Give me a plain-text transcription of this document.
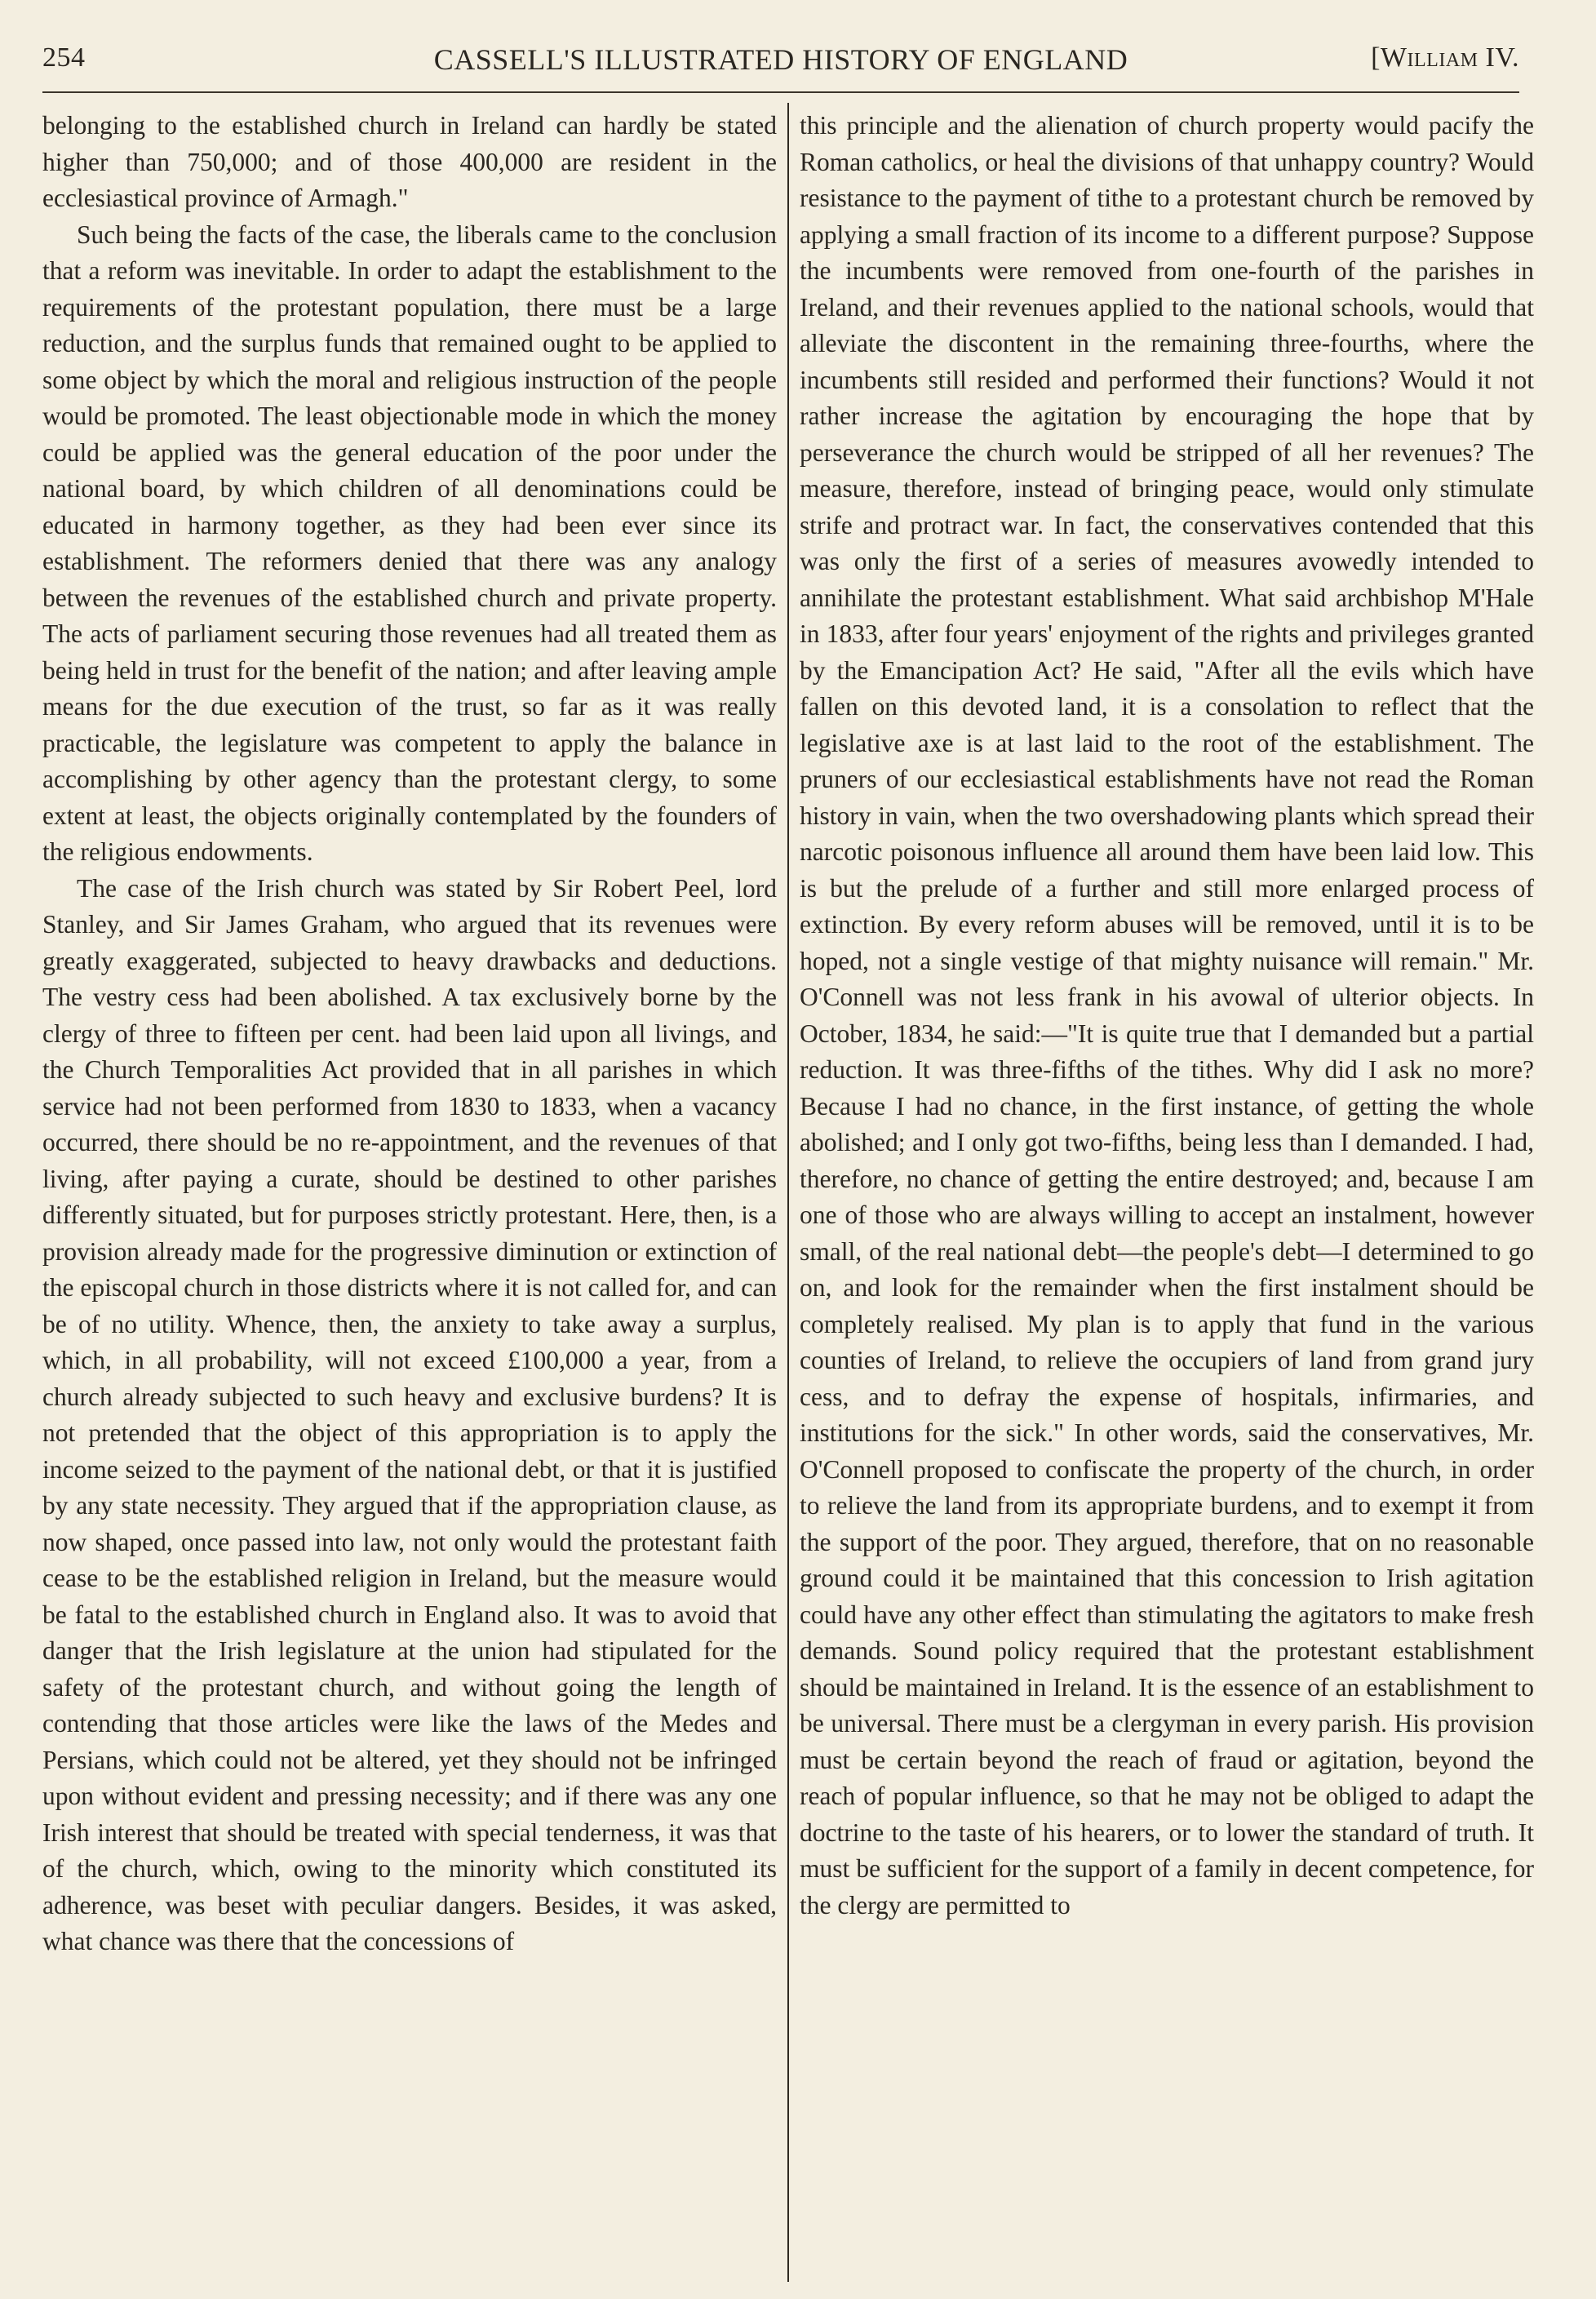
254	CASSELL'S ILLUSTRATED HISTORY OF ENGLAND	[William IV.

belonging to the established church in Ireland can hardly be stated higher than 750,000; and of those 400,000 are resident in the ecclesiastical province of Armagh."

Such being the facts of the case, the liberals came to the conclusion that a reform was inevitable. In order to adapt the establishment to the requirements of the protestant population, there must be a large reduction, and the surplus funds that remained ought to be applied to some object by which the moral and religious instruction of the people would be promoted. The least objectionable mode in which the money could be applied was the general education of the poor under the national board, by which children of all denominations could be educated in harmony together, as they had been ever since its establishment. The reformers denied that there was any analogy between the revenues of the established church and private property. The acts of parliament securing those revenues had all treated them as being held in trust for the benefit of the nation; and after leaving ample means for the due execution of the trust, so far as it was really practicable, the legislature was competent to apply the balance in accomplishing by other agency than the protestant clergy, to some extent at least, the objects originally contemplated by the founders of the religious endowments.

The case of the Irish church was stated by Sir Robert Peel, lord Stanley, and Sir James Graham, who argued that its revenues were greatly exaggerated, subjected to heavy drawbacks and deductions. The vestry cess had been abolished. A tax exclusively borne by the clergy of three to fifteen per cent. had been laid upon all livings, and the Church Temporalities Act provided that in all parishes in which service had not been performed from 1830 to 1833, when a vacancy occurred, there should be no re-appointment, and the revenues of that living, after paying a curate, should be destined to other parishes differently situated, but for purposes strictly protestant. Here, then, is a provision already made for the progressive diminution or extinction of the episcopal church in those districts where it is not called for, and can be of no utility. Whence, then, the anxiety to take away a surplus, which, in all probability, will not exceed £100,000 a year, from a church already subjected to such heavy and exclusive burdens? It is not pretended that the object of this appropriation is to apply the income seized to the payment of the national debt, or that it is justified by any state necessity. They argued that if the appropriation clause, as now shaped, once passed into law, not only would the protestant faith cease to be the established religion in Ireland, but the measure would be fatal to the established church in England also. It was to avoid that danger that the Irish legislature at the union had stipulated for the safety of the protestant church, and without going the length of contending that those articles were like the laws of the Medes and Persians, which could not be altered, yet they should not be infringed upon without evident and pressing necessity; and if there was any one Irish interest that should be treated with special tenderness, it was that of the church, which, owing to the minority which constituted its adherence, was beset with peculiar dangers. Besides, it was asked, what chance was there that the concessions of

this principle and the alienation of church property would pacify the Roman catholics, or heal the divisions of that unhappy country? Would resistance to the payment of tithe to a protestant church be removed by applying a small fraction of its income to a different purpose? Suppose the incumbents were removed from one-fourth of the parishes in Ireland, and their revenues applied to the national schools, would that alleviate the discontent in the remaining three-fourths, where the incumbents still resided and performed their functions? Would it not rather increase the agitation by encouraging the hope that by perseverance the church would be stripped of all her revenues? The measure, therefore, instead of bringing peace, would only stimulate strife and protract war. In fact, the conservatives contended that this was only the first of a series of measures avowedly intended to annihilate the protestant establishment. What said archbishop M'Hale in 1833, after four years' enjoyment of the rights and privileges granted by the Emancipation Act? He said, "After all the evils which have fallen on this devoted land, it is a consolation to reflect that the legislative axe is at last laid to the root of the establishment. The pruners of our ecclesiastical establishments have not read the Roman history in vain, when the two overshadowing plants which spread their narcotic poisonous influence all around them have been laid low. This is but the prelude of a further and still more enlarged process of extinction. By every reform abuses will be removed, until it is to be hoped, not a single vestige of that mighty nuisance will remain." Mr. O'Connell was not less frank in his avowal of ulterior objects. In October, 1834, he said:—"It is quite true that I demanded but a partial reduction. It was three-fifths of the tithes. Why did I ask no more? Because I had no chance, in the first instance, of getting the whole abolished; and I only got two-fifths, being less than I demanded. I had, therefore, no chance of getting the entire destroyed; and, because I am one of those who are always willing to accept an instalment, however small, of the real national debt—the people's debt—I determined to go on, and look for the remainder when the first instalment should be completely realised. My plan is to apply that fund in the various counties of Ireland, to relieve the occupiers of land from grand jury cess, and to defray the expense of hospitals, infirmaries, and institutions for the sick." In other words, said the conservatives, Mr. O'Connell proposed to confiscate the property of the church, in order to relieve the land from its appropriate burdens, and to exempt it from the support of the poor. They argued, therefore, that on no reasonable ground could it be maintained that this concession to Irish agitation could have any other effect than stimulating the agitators to make fresh demands. Sound policy required that the protestant establishment should be maintained in Ireland. It is the essence of an establishment to be universal. There must be a clergyman in every parish. His provision must be certain beyond the reach of fraud or agitation, beyond the reach of popular influence, so that he may not be obliged to adapt the doctrine to the taste of his hearers, or to lower the standard of truth. It must be sufficient for the support of a family in decent competence, for the clergy are permitted to
